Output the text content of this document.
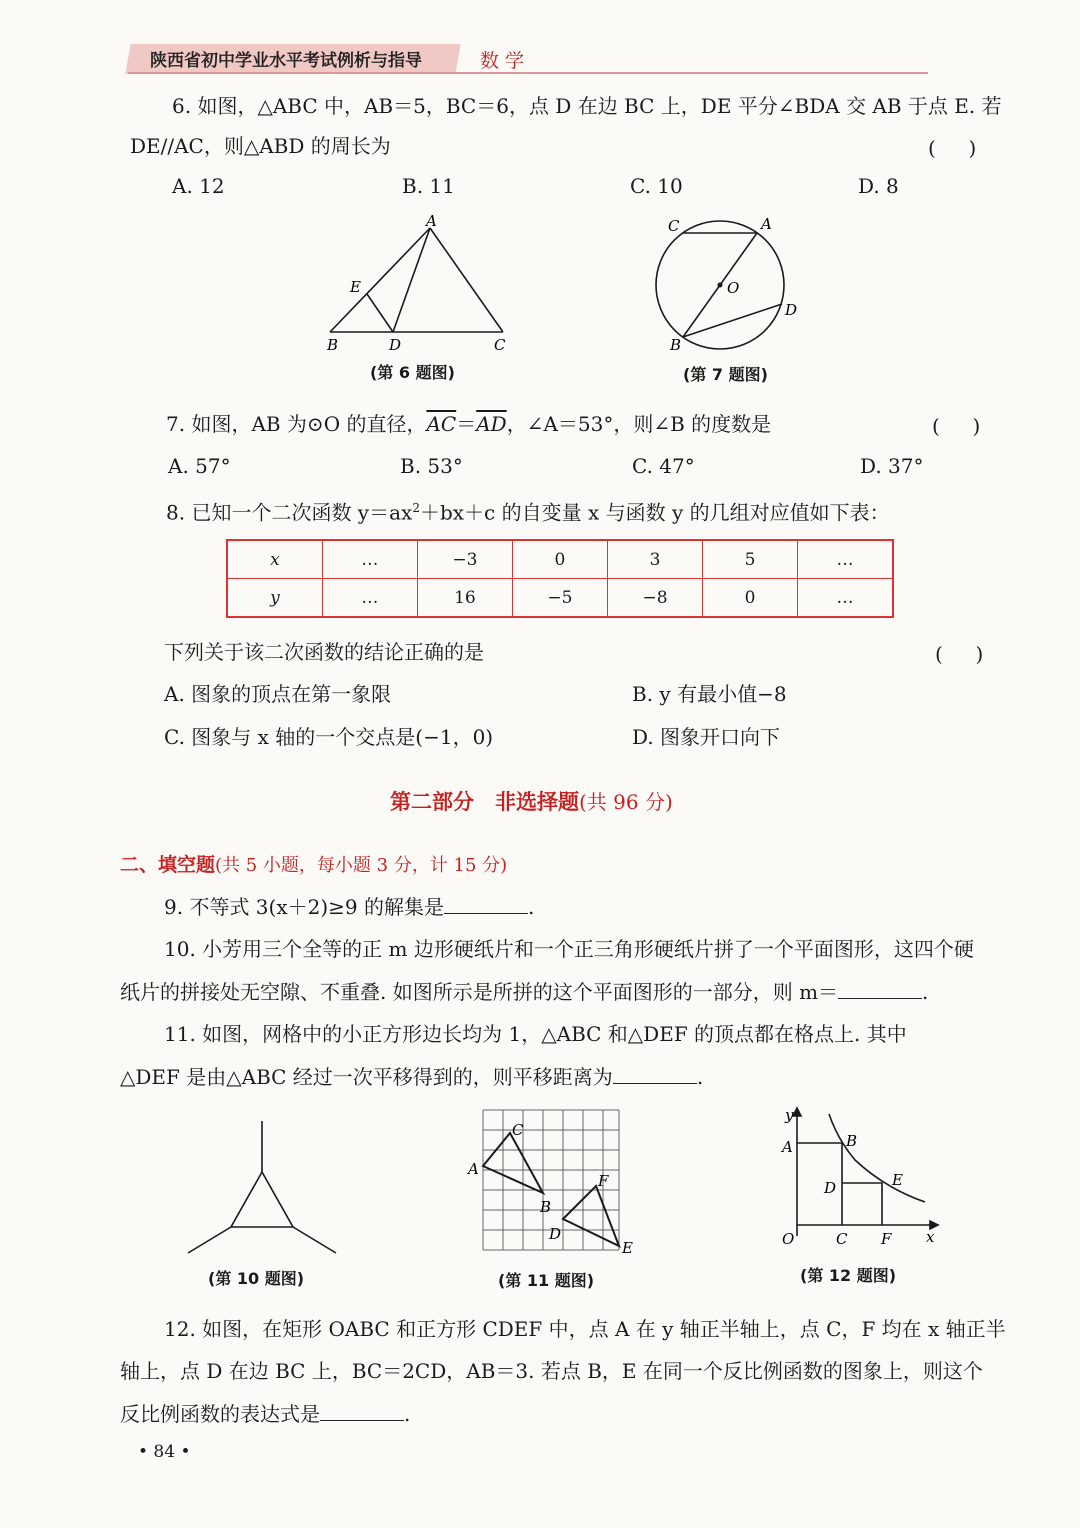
陕西省初中学业水平考试例析与指导	数学
6. 如图，△ABC 中，AB＝5，BC＝6，点 D 在边 BC 上，DE 平分∠BDA 交 AB 于点 E. 若
DE//AC，则△ABD 的周长为
( 　 )
A. 12	B. 11	C. 10	D. 8
A
E
B	D	C
(第 6 题图)
C	A
O
D
B
(第 7 题图)
7. 如图，AB 为⊙O 的直径，$\overline{AC}=\overline{AD}$，∠A＝53°，则∠B 的度数是
( 　 )
A. 57°	B. 53°	C. 47°	D. 37°
8. 已知一个二次函数 $y=ax^2+bx+c$ 的自变量 x 与函数 y 的几组对应值如下表：
x	…	−3	0	3	5	…
y	…	16	−5	−8	0	…
下列关于该二次函数的结论正确的是
( 　 )
A. 图象的顶点在第一象限	B. y 有最小值−8
C. 图象与 x 轴的一个交点是(−1，0)	D. 图象开口向下
第二部分　非选择题(共 96 分)
二、填空题(共 5 小题，每小题 3 分，计 15 分)
9. 不等式 3(x＋2)≥9 的解集是	.
10. 小芳用三个全等的正 m 边形硬纸片和一个正三角形硬纸片拼了一个平面图形，这四个硬
纸片的拼接处无空隙、不重叠. 如图所示是所拼的这个平面图形的一部分，则 m＝	.
11. 如图，网格中的小正方形边长均为 1，△ABC 和△DEF 的顶点都在格点上. 其中
△DEF 是由△ABC 经过一次平移得到的，则平移距离为	.
(第 10 题图)
A
C
B
F
D
E
(第 11 题图)
y
A	B
D	E
O	C F x
(第 12 题图)
12. 如图，在矩形 OABC 和正方形 CDEF 中，点 A 在 y 轴正半轴上，点 C，F 均在 x 轴正半
轴上，点 D 在边 BC 上，BC＝2CD，AB＝3. 若点 B，E 在同一个反比例函数的图象上，则这个
反比例函数的表达式是	.
• 84 •
